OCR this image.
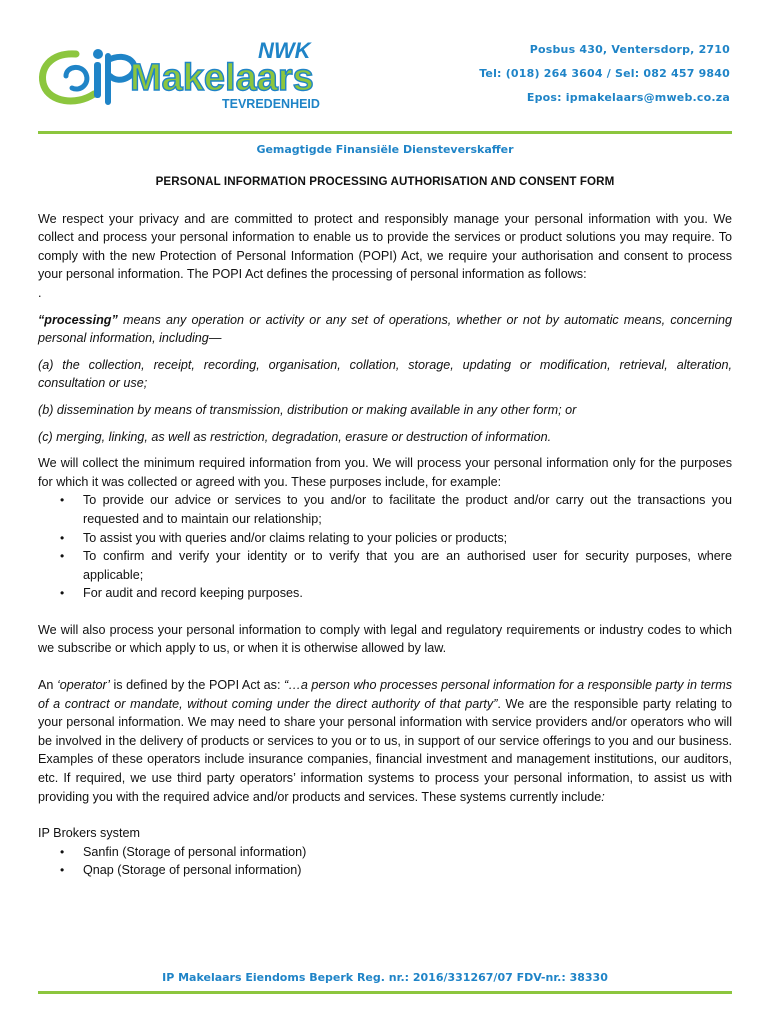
Makelaars
NWK
TEVREDENHEID
Posbus 430, Ventersdorp, 2710
Tel: (018) 264 3604 / Sel: 082 457 9840
Epos: ipmakelaars@mweb.co.za
Gemagtigde Finansiële Diensteverskaffer
PERSONAL INFORMATION PROCESSING AUTHORISATION AND CONSENT FORM

We respect your privacy and are committed to protect and responsibly manage your personal information with you. We collect and process your personal information to enable us to provide the services or product solutions you may require. To comply with the new Protection of Personal Information (POPI) Act, we require your authorisation and consent to process your personal information. The POPI Act defines the processing of personal information as follows:

.

“processing” means any operation or activity or any set of operations, whether or not by automatic means, concerning personal information, including—

(a) the collection, receipt, recording, organisation, collation, storage, updating or modification, retrieval, alteration, consultation or use;

(b) dissemination by means of transmission, distribution or making available in any other form; or

(c) merging, linking, as well as restriction, degradation, erasure or destruction of information.

We will collect the minimum required information from you. We will process your personal information only for the purposes for which it was collected or agreed with you. These purposes include, for example:

• To provide our advice or services to you and/or to facilitate the product and/or carry out the transactions you requested and to maintain our relationship;
• To assist you with queries and/or claims relating to your policies or products;
• To confirm and verify your identity or to verify that you are an authorised user for security purposes, where applicable;
• For audit and record keeping purposes.

We will also process your personal information to comply with legal and regulatory requirements or industry codes to which we subscribe or which apply to us, or when it is otherwise allowed by law.

An ‘operator’ is defined by the POPI Act as: “…a person who processes personal information for a responsible party in terms of a contract or mandate, without coming under the direct authority of that party”. We are the responsible party relating to your personal information. We may need to share your personal information with service providers and/or operators who will be involved in the delivery of products or services to you or to us, in support of our service offerings to you and our business. Examples of these operators include insurance companies, financial investment and management institutions, our auditors, etc. If required, we use third party operators’ information systems to process your personal information, to assist us with providing you with the required advice and/or products and services. These systems currently include:

IP Brokers system

• Sanfin (Storage of personal information)
• Qnap (Storage of personal information)
IP Makelaars Eiendoms Beperk Reg. nr.: 2016/331267/07 FDV-nr.: 38330
